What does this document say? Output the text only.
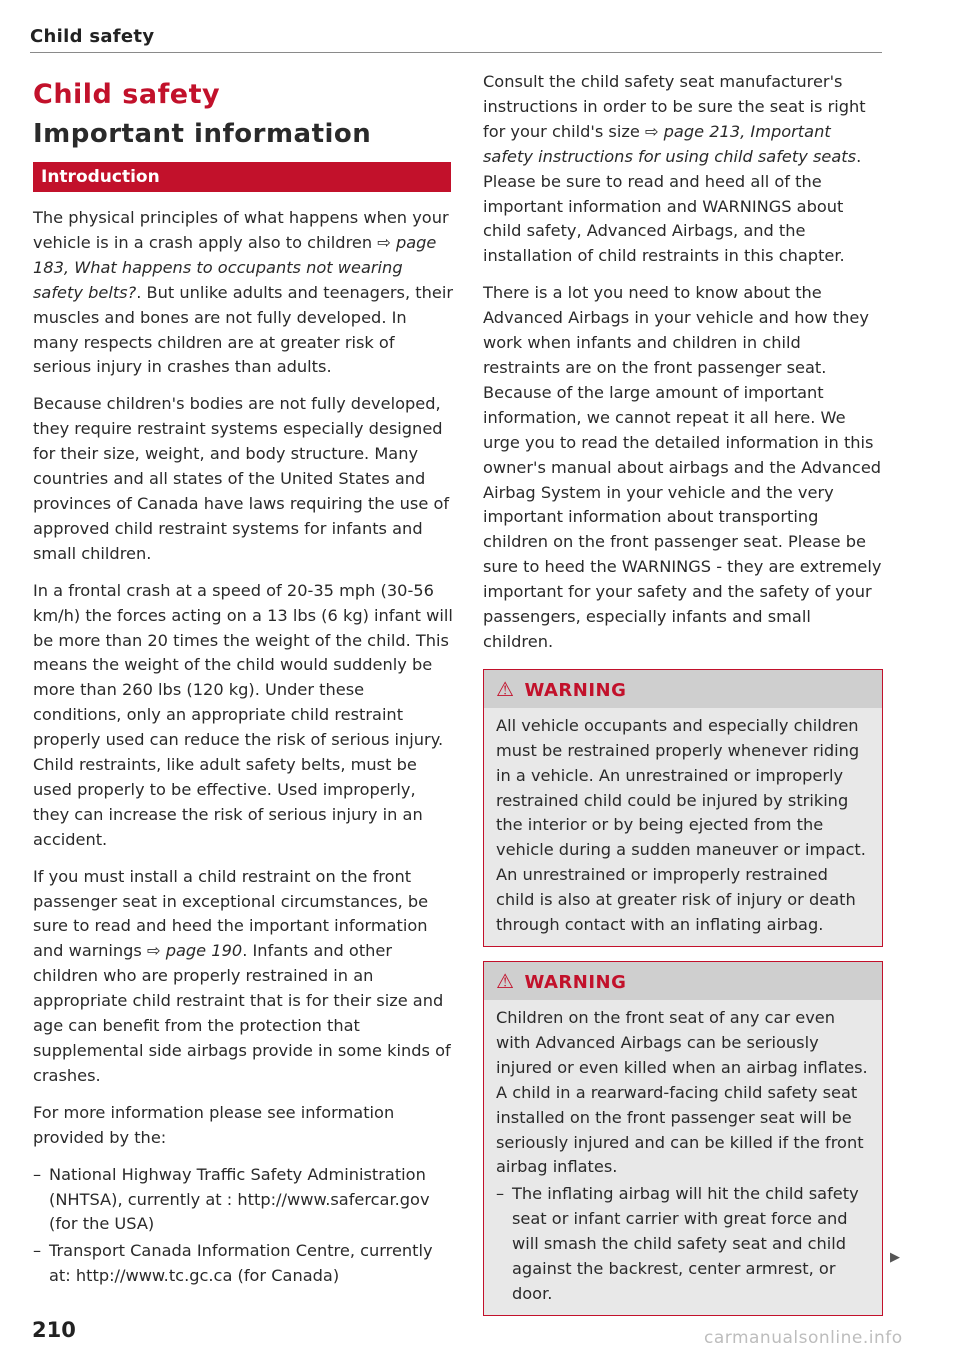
Child safety
Child safety
Important information
Introduction

The physical principles of what happens when your vehicle is in a crash apply also to children ⇨ page 183, What happens to occupants not wearing safety belts?. But unlike adults and teenagers, their muscles and bones are not fully developed. In many respects children are at greater risk of serious injury in crashes than adults.

Because children's bodies are not fully developed, they require restraint systems especially designed for their size, weight, and body structure. Many countries and all states of the United States and provinces of Canada have laws requiring the use of approved child restraint systems for infants and small children.

In a frontal crash at a speed of 20-35 mph (30-56 km/h) the forces acting on a 13 lbs (6 kg) infant will be more than 20 times the weight of the child. This means the weight of the child would suddenly be more than 260 lbs (120 kg). Under these conditions, only an appropriate child restraint properly used can reduce the risk of serious injury. Child restraints, like adult safety belts, must be used properly to be effective. Used improperly, they can increase the risk of serious injury in an accident.

If you must install a child restraint on the front passenger seat in exceptional circumstances, be sure to read and heed the important information and warnings ⇨ page 190. Infants and other children who are properly restrained in an appropriate child restraint that is for their size and age can benefit from the protection that supplemental side airbags provide in some kinds of crashes.

For more information please see information provided by the:

– National Highway Traffic Safety Administration (NHTSA), currently at : http://www.safercar.gov (for the USA)
– Transport Canada Information Centre, currently at: http://www.tc.gc.ca (for Canada)

Consult the child safety seat manufacturer's instructions in order to be sure the seat is right for your child's size ⇨ page 213, Important safety instructions for using child safety seats. Please be sure to read and heed all of the important information and WARNINGS about child safety, Advanced Airbags, and the installation of child restraints in this chapter.

There is a lot you need to know about the Advanced Airbags in your vehicle and how they work when infants and children in child restraints are on the front passenger seat. Because of the large amount of important information, we cannot repeat it all here. We urge you to read the detailed information in this owner's manual about airbags and the Advanced Airbag System in your vehicle and the very important information about transporting children on the front passenger seat. Please be sure to heed the WARNINGS - they are extremely important for your safety and the safety of your passengers, especially infants and small children.

⚠ WARNING
All vehicle occupants and especially children must be restrained properly whenever riding in a vehicle. An unrestrained or improperly restrained child could be injured by striking the interior or by being ejected from the vehicle during a sudden maneuver or impact. An unrestrained or improperly restrained child is also at greater risk of injury or death through contact with an inflating airbag.
⚠ WARNING
Children on the front seat of any car even with Advanced Airbags can be seriously injured or even killed when an airbag inflates. A child in a rearward-facing child safety seat installed on the front passenger seat will be seriously injured and can be killed if the front airbag inflates.
– The inflating airbag will hit the child safety seat or infant carrier with great force and will smash the child safety seat and child against the backrest, center armrest, or door.
▶
210	carmanualsonline.info
